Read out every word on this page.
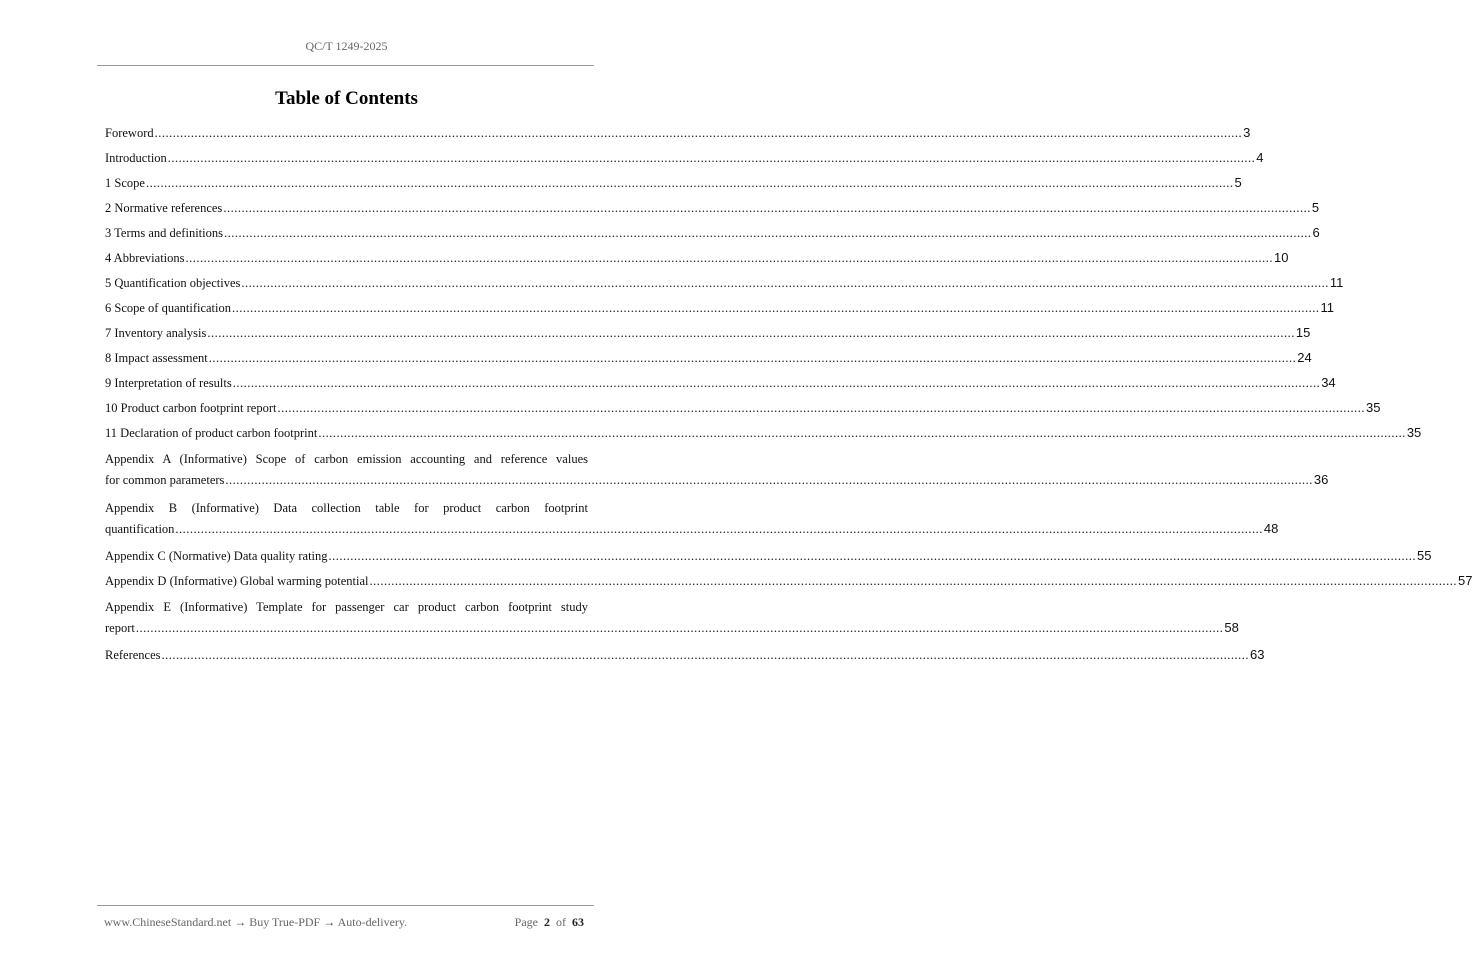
QC/T 1249-2025
Table of Contents
Foreword ............................................................................................................................................................................................................................................................................................................ 3
Introduction ............................................................................................................................................................................................................................................................................................................ 4
1 Scope ............................................................................................................................................................................................................................................................................................................ 5
2 Normative references ............................................................................................................................................................................................................................................................................................................ 5
3 Terms and definitions ............................................................................................................................................................................................................................................................................................................ 6
4 Abbreviations ............................................................................................................................................................................................................................................................................................................ 10
5 Quantification objectives ............................................................................................................................................................................................................................................................................................................ 11
6 Scope of quantification ............................................................................................................................................................................................................................................................................................................ 11
7 Inventory analysis ............................................................................................................................................................................................................................................................................................................ 15
8 Impact assessment ............................................................................................................................................................................................................................................................................................................ 24
9 Interpretation of results ............................................................................................................................................................................................................................................................................................................ 34
10 Product carbon footprint report ............................................................................................................................................................................................................................................................................................................ 35
11 Declaration of product carbon footprint ............................................................................................................................................................................................................................................................................................................ 35
Appendix A (Informative) Scope of carbon emission accounting and reference values
for common parameters ............................................................................................................................................................................................................................................................................................................ 36
Appendix B (Informative) Data collection table for product carbon footprint
quantification ............................................................................................................................................................................................................................................................................................................ 48
Appendix C (Normative) Data quality rating ............................................................................................................................................................................................................................................................................................................ 55
Appendix D (Informative) Global warming potential ............................................................................................................................................................................................................................................................................................................ 57
Appendix E (Informative) Template for passenger car product carbon footprint study
report ............................................................................................................................................................................................................................................................................................................ 58
References ............................................................................................................................................................................................................................................................................................................ 63
www.ChineseStandard.net → Buy True-PDF → Auto-delivery.	Page 2 of 63
